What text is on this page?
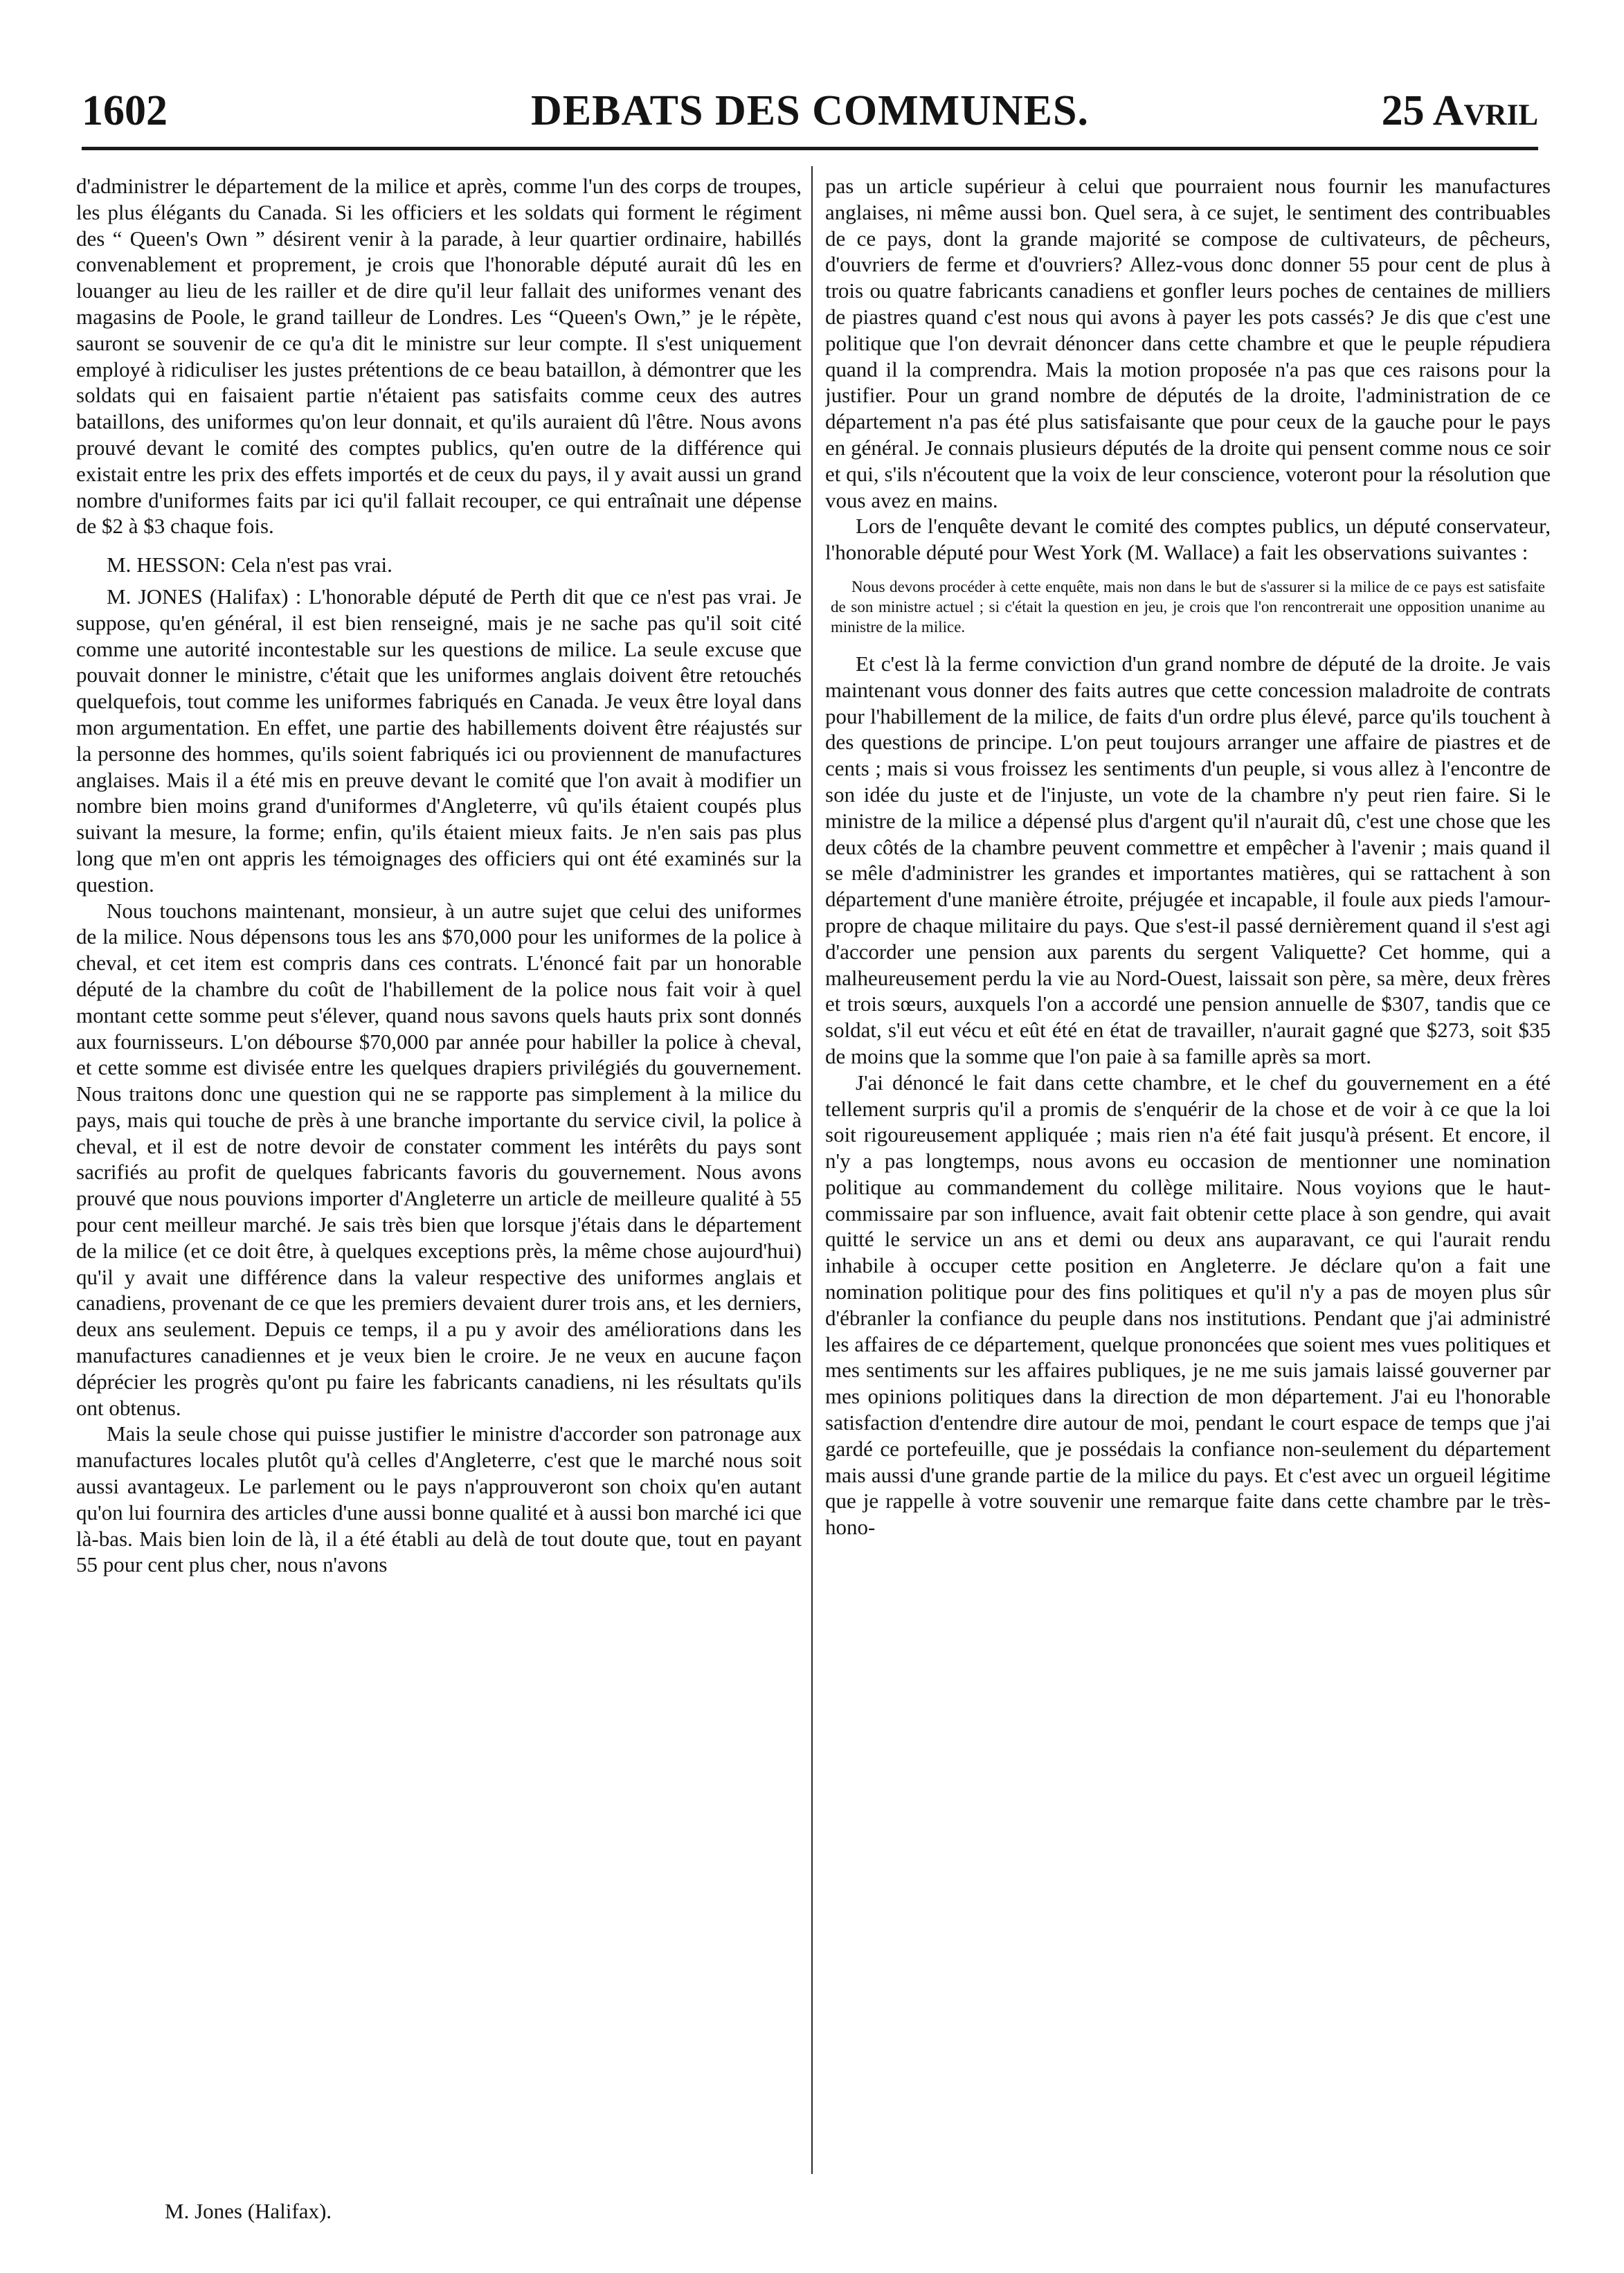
1602	DEBATS DES COMMUNES.	25 Avril

d'administrer le département de la milice et après, comme l'un des corps de troupes, les plus élégants du Canada. Si les officiers et les soldats qui forment le régiment des “ Queen's Own ” désirent venir à la parade, à leur quartier ordinaire, habillés convenablement et proprement, je crois que l'honorable député aurait dû les en louanger au lieu de les railler et de dire qu'il leur fallait des uniformes venant des magasins de Poole, le grand tailleur de Londres. Les “Queen's Own,” je le répète, sauront se souvenir de ce qu'a dit le ministre sur leur compte. Il s'est uniquement employé à ridiculiser les justes prétentions de ce beau bataillon, à démontrer que les soldats qui en faisaient partie n'étaient pas satisfaits comme ceux des autres bataillons, des uniformes qu'on leur donnait, et qu'ils auraient dû l'être. Nous avons prouvé devant le comité des comptes publics, qu'en outre de la différence qui existait entre les prix des effets importés et de ceux du pays, il y avait aussi un grand nombre d'uniformes faits par ici qu'il fallait recouper, ce qui entraînait une dépense de $2 à $3 chaque fois.

M. HESSON: Cela n'est pas vrai.

M. JONES (Halifax) : L'honorable député de Perth dit que ce n'est pas vrai. Je suppose, qu'en général, il est bien renseigné, mais je ne sache pas qu'il soit cité comme une autorité incontestable sur les questions de milice. La seule excuse que pouvait donner le ministre, c'était que les uniformes anglais doivent être retouchés quelquefois, tout comme les uniformes fabriqués en Canada. Je veux être loyal dans mon argumentation. En effet, une partie des habillements doivent être réajustés sur la personne des hommes, qu'ils soient fabriqués ici ou proviennent de manufactures anglaises. Mais il a été mis en preuve devant le comité que l'on avait à modifier un nombre bien moins grand d'uniformes d'Angleterre, vû qu'ils étaient coupés plus suivant la mesure, la forme; enfin, qu'ils étaient mieux faits. Je n'en sais pas plus long que m'en ont appris les témoignages des officiers qui ont été examinés sur la question.

Nous touchons maintenant, monsieur, à un autre sujet que celui des uniformes de la milice. Nous dépensons tous les ans $70,000 pour les uniformes de la police à cheval, et cet item est compris dans ces contrats. L'énoncé fait par un honorable député de la chambre du coût de l'habillement de la police nous fait voir à quel montant cette somme peut s'élever, quand nous savons quels hauts prix sont donnés aux fournisseurs. L'on débourse $70,000 par année pour habiller la police à cheval, et cette somme est divisée entre les quelques drapiers privilégiés du gouvernement. Nous traitons donc une question qui ne se rapporte pas simplement à la milice du pays, mais qui touche de près à une branche importante du service civil, la police à cheval, et il est de notre devoir de constater comment les intérêts du pays sont sacrifiés au profit de quelques fabricants favoris du gouvernement. Nous avons prouvé que nous pouvions importer d'Angleterre un article de meilleure qualité à 55 pour cent meilleur marché. Je sais très bien que lorsque j'étais dans le département de la milice (et ce doit être, à quelques exceptions près, la même chose aujourd'hui) qu'il y avait une différence dans la valeur respective des uniformes anglais et canadiens, provenant de ce que les premiers devaient durer trois ans, et les derniers, deux ans seulement. Depuis ce temps, il a pu y avoir des améliorations dans les manufactures canadiennes et je veux bien le croire. Je ne veux en aucune façon déprécier les progrès qu'ont pu faire les fabricants canadiens, ni les résultats qu'ils ont obtenus.

Mais la seule chose qui puisse justifier le ministre d'accorder son patronage aux manufactures locales plutôt qu'à celles d'Angleterre, c'est que le marché nous soit aussi avantageux. Le parlement ou le pays n'approuveront son choix qu'en autant qu'on lui fournira des articles d'une aussi bonne qualité et à aussi bon marché ici que là-bas. Mais bien loin de là, il a été établi au delà de tout doute que, tout en payant 55 pour cent plus cher, nous n'avons

pas un article supérieur à celui que pourraient nous fournir les manufactures anglaises, ni même aussi bon. Quel sera, à ce sujet, le sentiment des contribuables de ce pays, dont la grande majorité se compose de cultivateurs, de pêcheurs, d'ouvriers de ferme et d'ouvriers? Allez-vous donc donner 55 pour cent de plus à trois ou quatre fabricants canadiens et gonfler leurs poches de centaines de milliers de piastres quand c'est nous qui avons à payer les pots cassés? Je dis que c'est une politique que l'on devrait dénoncer dans cette chambre et que le peuple répudiera quand il la comprendra. Mais la motion proposée n'a pas que ces raisons pour la justifier. Pour un grand nombre de députés de la droite, l'administration de ce département n'a pas été plus satisfaisante que pour ceux de la gauche pour le pays en général. Je connais plusieurs députés de la droite qui pensent comme nous ce soir et qui, s'ils n'écoutent que la voix de leur conscience, voteront pour la résolution que vous avez en mains.

Lors de l'enquête devant le comité des comptes publics, un député conservateur, l'honorable député pour West York (M. Wallace) a fait les observations suivantes :

Nous devons procéder à cette enquête, mais non dans le but de s'assurer si la milice de ce pays est satisfaite de son ministre actuel ; si c'était la question en jeu, je crois que l'on rencontrerait une opposition unanime au ministre de la milice.

Et c'est là la ferme conviction d'un grand nombre de député de la droite. Je vais maintenant vous donner des faits autres que cette concession maladroite de contrats pour l'habillement de la milice, de faits d'un ordre plus élevé, parce qu'ils touchent à des questions de principe. L'on peut toujours arranger une affaire de piastres et de cents ; mais si vous froissez les sentiments d'un peuple, si vous allez à l'encontre de son idée du juste et de l'injuste, un vote de la chambre n'y peut rien faire. Si le ministre de la milice a dépensé plus d'argent qu'il n'aurait dû, c'est une chose que les deux côtés de la chambre peuvent commettre et empêcher à l'avenir ; mais quand il se mêle d'administrer les grandes et importantes matières, qui se rattachent à son département d'une manière étroite, préjugée et incapable, il foule aux pieds l'amour-propre de chaque militaire du pays. Que s'est-il passé dernièrement quand il s'est agi d'accorder une pension aux parents du sergent Valiquette? Cet homme, qui a malheureusement perdu la vie au Nord-Ouest, laissait son père, sa mère, deux frères et trois sœurs, auxquels l'on a accordé une pension annuelle de $307, tandis que ce soldat, s'il eut vécu et eût été en état de travailler, n'aurait gagné que $273, soit $35 de moins que la somme que l'on paie à sa famille après sa mort.

J'ai dénoncé le fait dans cette chambre, et le chef du gouvernement en a été tellement surpris qu'il a promis de s'enquérir de la chose et de voir à ce que la loi soit rigoureusement appliquée ; mais rien n'a été fait jusqu'à présent. Et encore, il n'y a pas longtemps, nous avons eu occasion de mentionner une nomination politique au commandement du collège militaire. Nous voyions que le haut-commissaire par son influence, avait fait obtenir cette place à son gendre, qui avait quitté le service un ans et demi ou deux ans auparavant, ce qui l'aurait rendu inhabile à occuper cette position en Angleterre. Je déclare qu'on a fait une nomination politique pour des fins politiques et qu'il n'y a pas de moyen plus sûr d'ébranler la confiance du peuple dans nos institutions. Pendant que j'ai administré les affaires de ce département, quelque prononcées que soient mes vues politiques et mes sentiments sur les affaires publiques, je ne me suis jamais laissé gouverner par mes opinions politiques dans la direction de mon département. J'ai eu l'honorable satisfaction d'entendre dire autour de moi, pendant le court espace de temps que j'ai gardé ce portefeuille, que je possédais la confiance non-seulement du département mais aussi d'une grande partie de la milice du pays. Et c'est avec un orgueil légitime que je rappelle à votre souvenir une remarque faite dans cette chambre par le très-hono-

M. Jones (Halifax).
